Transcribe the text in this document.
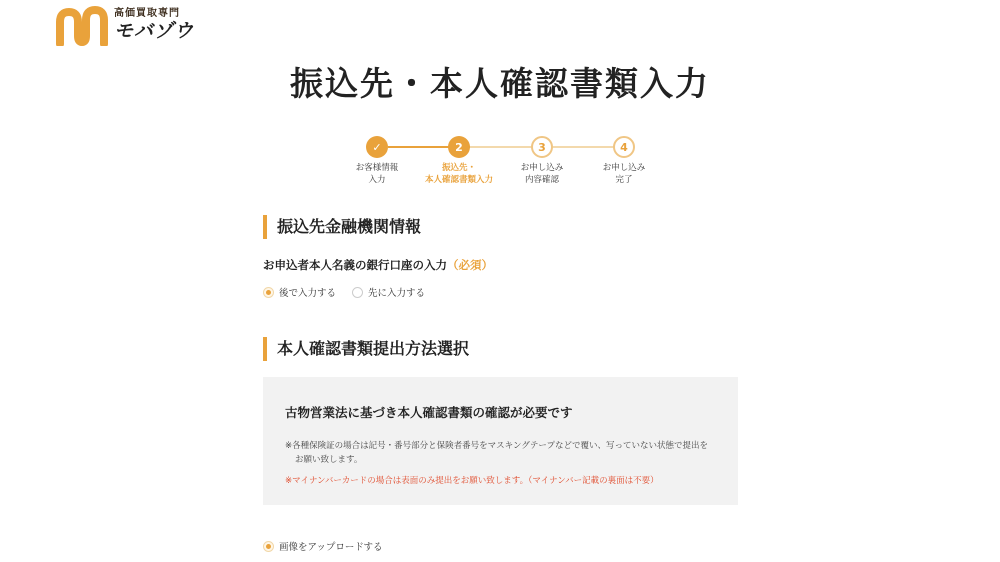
高価買取専門
モバゾウ
振込先・本人確認書類入力
✓
お客様情報
入力
2
振込先・
本人確認書類入力
3
お申し込み
内容確認
4
お申し込み
完了
振込先金融機関情報
お申込者本人名義の銀行口座の入力（必須）
後で入力する	先に入力する
本人確認書類提出方法選択
古物営業法に基づき本人確認書類の確認が必要です
※各種保険証の場合は記号・番号部分と保険者番号をマスキングテープなどで覆い、写っていない状態で提出をお願い致します。
※マイナンバーカードの場合は表面のみ提出をお願い致します。（マイナンバー記載の裏面は不要）
画像をアップロードする
